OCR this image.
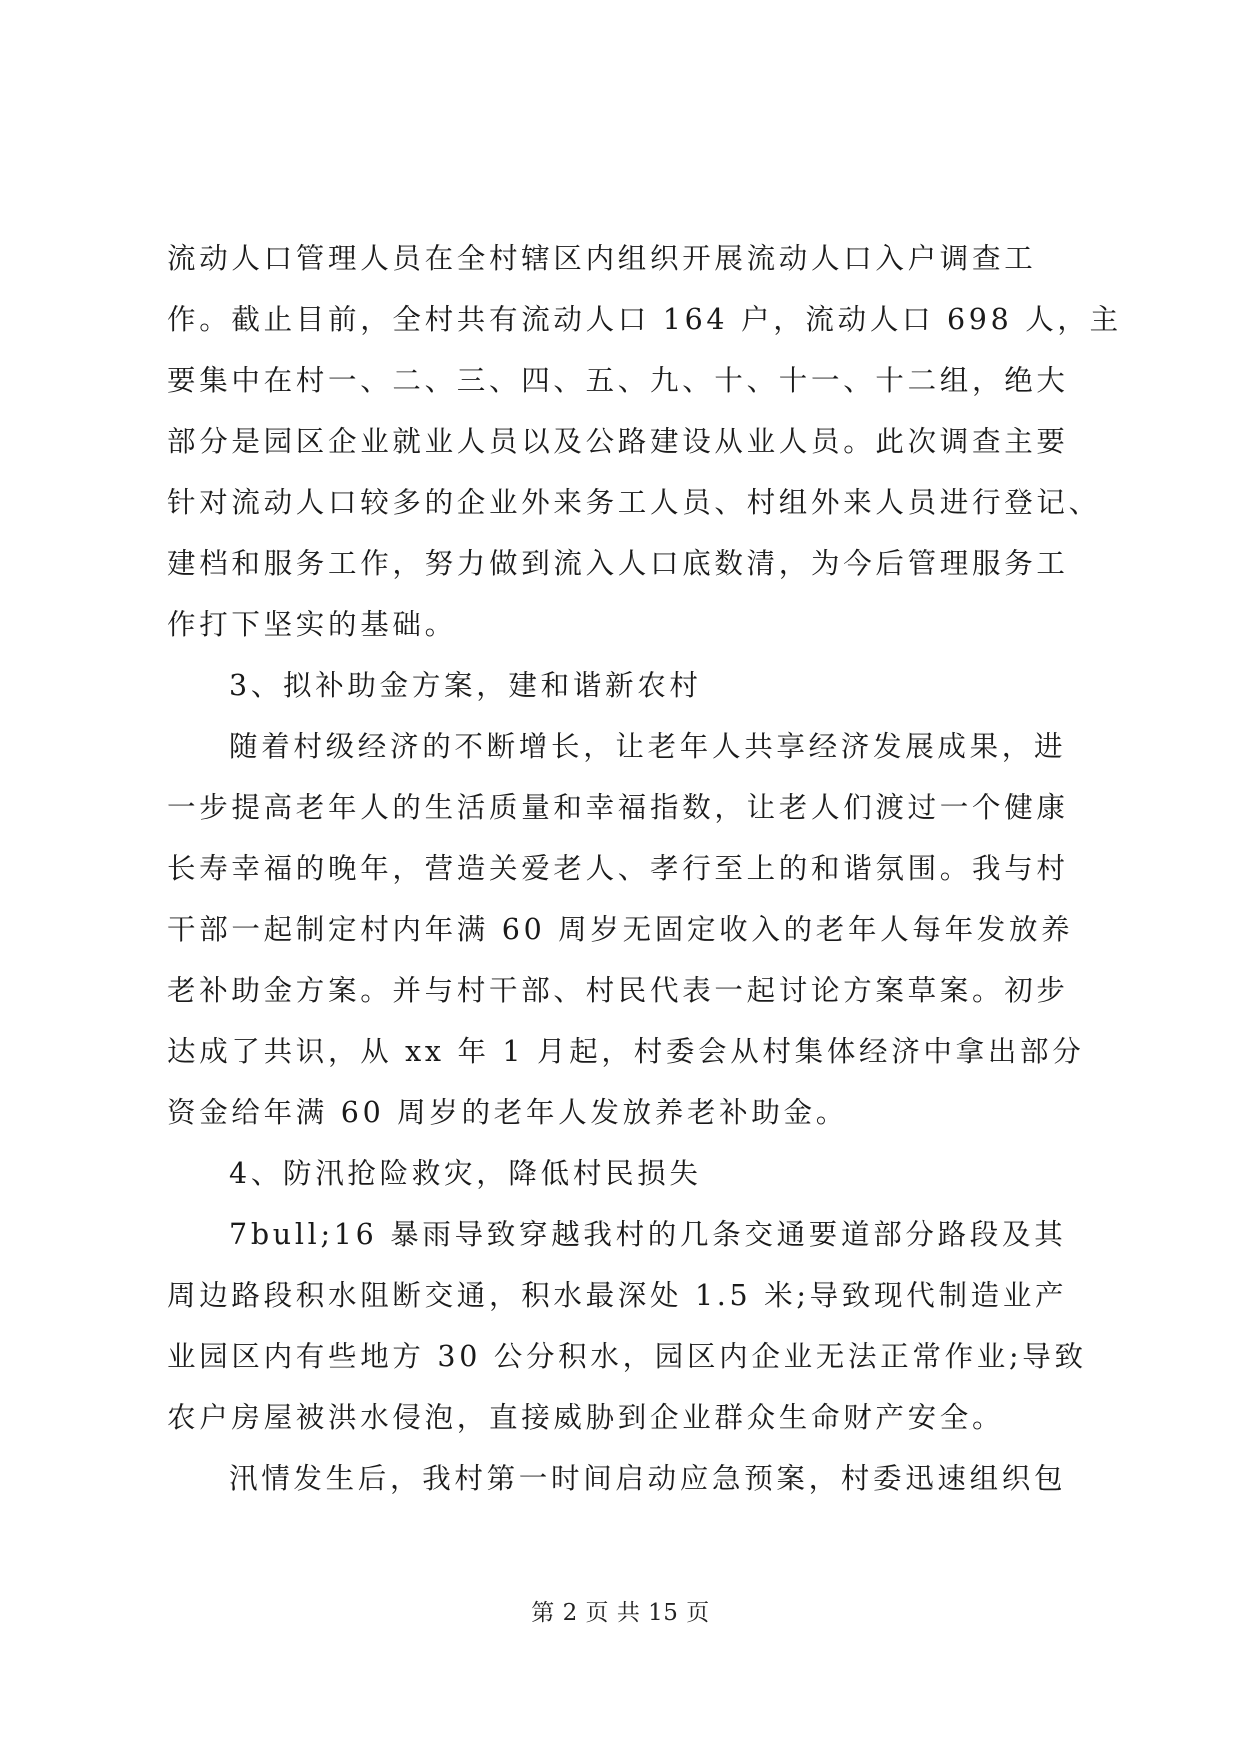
流动人口管理人员在全村辖区内组织开展流动人口入户调查工
作。截止目前，全村共有流动人口 164 户，流动人口 698 人，主
要集中在村一、二、三、四、五、九、十、十一、十二组，绝大
部分是园区企业就业人员以及公路建设从业人员。此次调查主要
针对流动人口较多的企业外来务工人员、村组外来人员进行登记、
建档和服务工作，努力做到流入人口底数清，为今后管理服务工
作打下坚实的基础。
3、拟补助金方案，建和谐新农村
随着村级经济的不断增长，让老年人共享经济发展成果，进
一步提高老年人的生活质量和幸福指数，让老人们渡过一个健康
长寿幸福的晚年，营造关爱老人、孝行至上的和谐氛围。我与村
干部一起制定村内年满 60 周岁无固定收入的老年人每年发放养
老补助金方案。并与村干部、村民代表一起讨论方案草案。初步
达成了共识，从 xx 年 1 月起，村委会从村集体经济中拿出部分
资金给年满 60 周岁的老年人发放养老补助金。
4、防汛抢险救灾，降低村民损失
7bull;16 暴雨导致穿越我村的几条交通要道部分路段及其
周边路段积水阻断交通，积水最深处 1.5 米;导致现代制造业产
业园区内有些地方 30 公分积水，园区内企业无法正常作业;导致
农户房屋被洪水侵泡，直接威胁到企业群众生命财产安全。
汛情发生后，我村第一时间启动应急预案，村委迅速组织包
第 2 页 共 15 页
